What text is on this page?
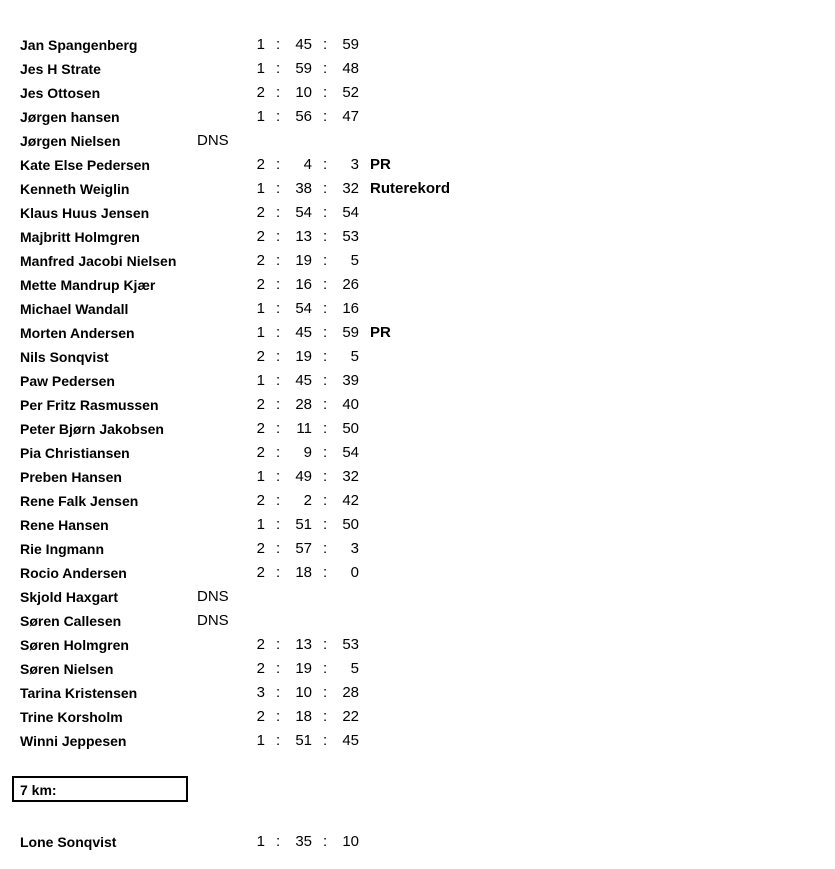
Jan Spangenberg	1 :	45 :	59
Jes H Strate	1 :	59 :	48
Jes Ottosen	2 :	10 :	52
Jørgen hansen	1 :	56 :	47
Jørgen Nielsen	DNS
Kate Else Pedersen	2 :	4 :	3 PR
Kenneth Weiglin	1 :	38 :	32 Ruterekord
Klaus Huus Jensen	2 :	54 :	54
Majbritt Holmgren	2 :	13 :	53
Manfred Jacobi Nielsen	2 :	19 :	5
Mette Mandrup Kjær	2 :	16 :	26
Michael Wandall	1 :	54 :	16
Morten Andersen	1 :	45 :	59 PR
Nils Sonqvist	2 :	19 :	5
Paw Pedersen	1 :	45 :	39
Per Fritz Rasmussen	2 :	28 :	40
Peter Bjørn Jakobsen	2 :	11 :	50
Pia Christiansen	2 :	9 :	54
Preben Hansen	1 :	49 :	32
Rene Falk Jensen	2 :	2 :	42
Rene Hansen	1 :	51 :	50
Rie Ingmann	2 :	57 :	3
Rocio Andersen	2 :	18 :	0
Skjold Haxgart	DNS
Søren Callesen	DNS
Søren Holmgren	2 :	13 :	53
Søren Nielsen	2 :	19 :	5
Tarina Kristensen	3 :	10 :	28
Trine Korsholm	2 :	18 :	22
Winni Jeppesen	1 :	51 :	45
7 km:
Lone Sonqvist	1 :	35 :	10
